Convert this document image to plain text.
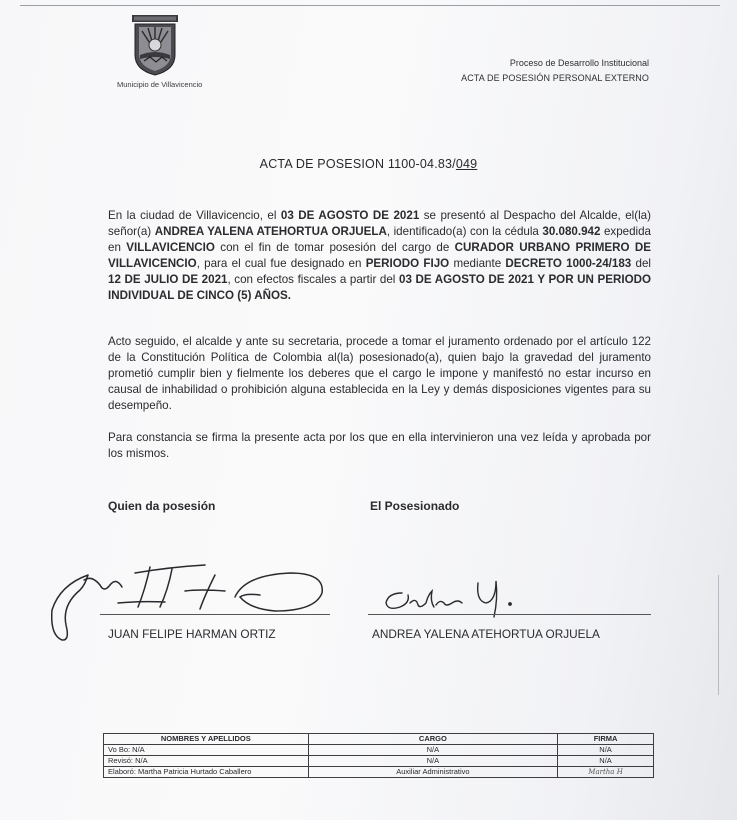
Municipio de Villavicencio
Proceso de Desarrollo Institucional
ACTA DE POSESIÓN PERSONAL EXTERNO
ACTA DE POSESION 1100-04.83/049
En la ciudad de Villavicencio, el 03 DE AGOSTO DE 2021 se presentó al Despacho del Alcalde, el(la) señor(a) ANDREA YALENA ATEHORTUA ORJUELA, identificado(a) con la cédula 30.080.942 expedida en VILLAVICENCIO con el fin de tomar posesión del cargo de CURADOR URBANO PRIMERO DE VILLAVICENCIO, para el cual fue designado en PERIODO FIJO mediante DECRETO 1000-24/183 del 12 DE JULIO DE 2021, con efectos fiscales a partir del 03 DE AGOSTO DE 2021 Y POR UN PERIODO INDIVIDUAL DE CINCO (5) AÑOS.
Acto seguido, el alcalde y ante su secretaria, procede a tomar el juramento ordenado por el artículo 122 de la Constitución Política de Colombia al(la) posesionado(a), quien bajo la gravedad del juramento prometió cumplir bien y fielmente los deberes que el cargo le impone y manifestó no estar incurso en causal de inhabilidad o prohibición alguna establecida en la Ley y demás disposiciones vigentes para su desempeño.
Para constancia se firma la presente acta por los que en ella intervinieron una vez leída y aprobada por los mismos.
Quien da posesión	El Posesionado
JUAN FELIPE HARMAN ORTIZ	ANDREA YALENA ATEHORTUA ORJUELA
NOMBRES Y APELLIDOS	CARGO	FIRMA
Vo Bo: N/A	N/A	N/A
Revisó: N/A	N/A	N/A
Elaboró: Martha Patricia Hurtado Caballero	Auxiliar Administrativo	Martha H
